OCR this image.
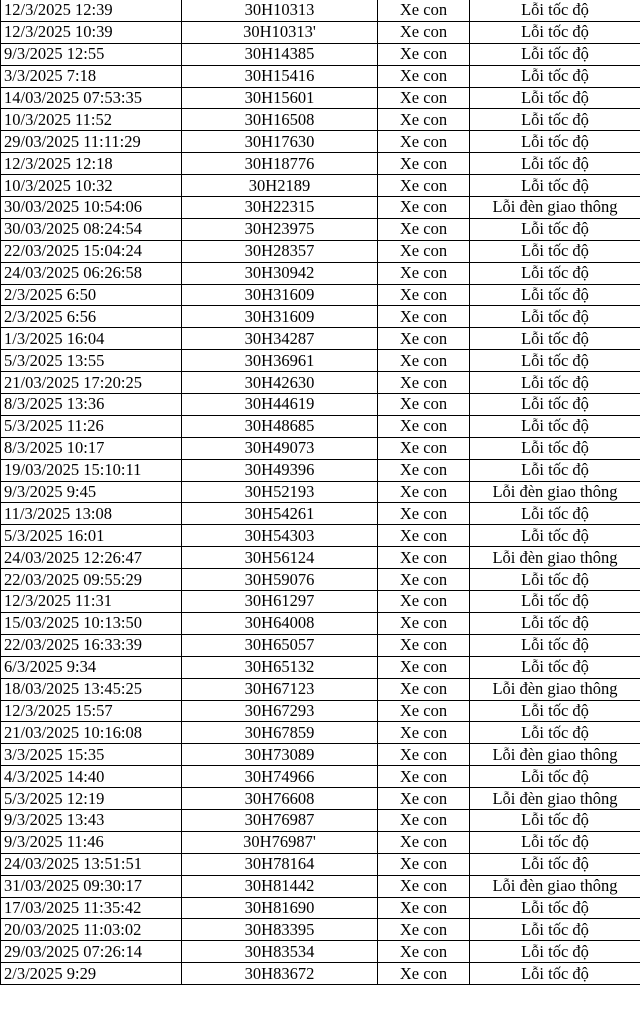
12/3/2025 12:39	30H10313	Xe con	Lỗi tốc độ
12/3/2025 10:39	30H10313'	Xe con	Lỗi tốc độ
9/3/2025 12:55	30H14385	Xe con	Lỗi tốc độ
3/3/2025 7:18	30H15416	Xe con	Lỗi tốc độ
14/03/2025 07:53:35	30H15601	Xe con	Lỗi tốc độ
10/3/2025 11:52	30H16508	Xe con	Lỗi tốc độ
29/03/2025 11:11:29	30H17630	Xe con	Lỗi tốc độ
12/3/2025 12:18	30H18776	Xe con	Lỗi tốc độ
10/3/2025 10:32	30H2189	Xe con	Lỗi tốc độ
30/03/2025 10:54:06	30H22315	Xe con	Lỗi đèn giao thông
30/03/2025 08:24:54	30H23975	Xe con	Lỗi tốc độ
22/03/2025 15:04:24	30H28357	Xe con	Lỗi tốc độ
24/03/2025 06:26:58	30H30942	Xe con	Lỗi tốc độ
2/3/2025 6:50	30H31609	Xe con	Lỗi tốc độ
2/3/2025 6:56	30H31609	Xe con	Lỗi tốc độ
1/3/2025 16:04	30H34287	Xe con	Lỗi tốc độ
5/3/2025 13:55	30H36961	Xe con	Lỗi tốc độ
21/03/2025 17:20:25	30H42630	Xe con	Lỗi tốc độ
8/3/2025 13:36	30H44619	Xe con	Lỗi tốc độ
5/3/2025 11:26	30H48685	Xe con	Lỗi tốc độ
8/3/2025 10:17	30H49073	Xe con	Lỗi tốc độ
19/03/2025 15:10:11	30H49396	Xe con	Lỗi tốc độ
9/3/2025 9:45	30H52193	Xe con	Lỗi đèn giao thông
11/3/2025 13:08	30H54261	Xe con	Lỗi tốc độ
5/3/2025 16:01	30H54303	Xe con	Lỗi tốc độ
24/03/2025 12:26:47	30H56124	Xe con	Lỗi đèn giao thông
22/03/2025 09:55:29	30H59076	Xe con	Lỗi tốc độ
12/3/2025 11:31	30H61297	Xe con	Lỗi tốc độ
15/03/2025 10:13:50	30H64008	Xe con	Lỗi tốc độ
22/03/2025 16:33:39	30H65057	Xe con	Lỗi tốc độ
6/3/2025 9:34	30H65132	Xe con	Lỗi tốc độ
18/03/2025 13:45:25	30H67123	Xe con	Lỗi đèn giao thông
12/3/2025 15:57	30H67293	Xe con	Lỗi tốc độ
21/03/2025 10:16:08	30H67859	Xe con	Lỗi tốc độ
3/3/2025 15:35	30H73089	Xe con	Lỗi đèn giao thông
4/3/2025 14:40	30H74966	Xe con	Lỗi tốc độ
5/3/2025 12:19	30H76608	Xe con	Lỗi đèn giao thông
9/3/2025 13:43	30H76987	Xe con	Lỗi tốc độ
9/3/2025 11:46	30H76987'	Xe con	Lỗi tốc độ
24/03/2025 13:51:51	30H78164	Xe con	Lỗi tốc độ
31/03/2025 09:30:17	30H81442	Xe con	Lỗi đèn giao thông
17/03/2025 11:35:42	30H81690	Xe con	Lỗi tốc độ
20/03/2025 11:03:02	30H83395	Xe con	Lỗi tốc độ
29/03/2025 07:26:14	30H83534	Xe con	Lỗi tốc độ
2/3/2025 9:29	30H83672	Xe con	Lỗi tốc độ
